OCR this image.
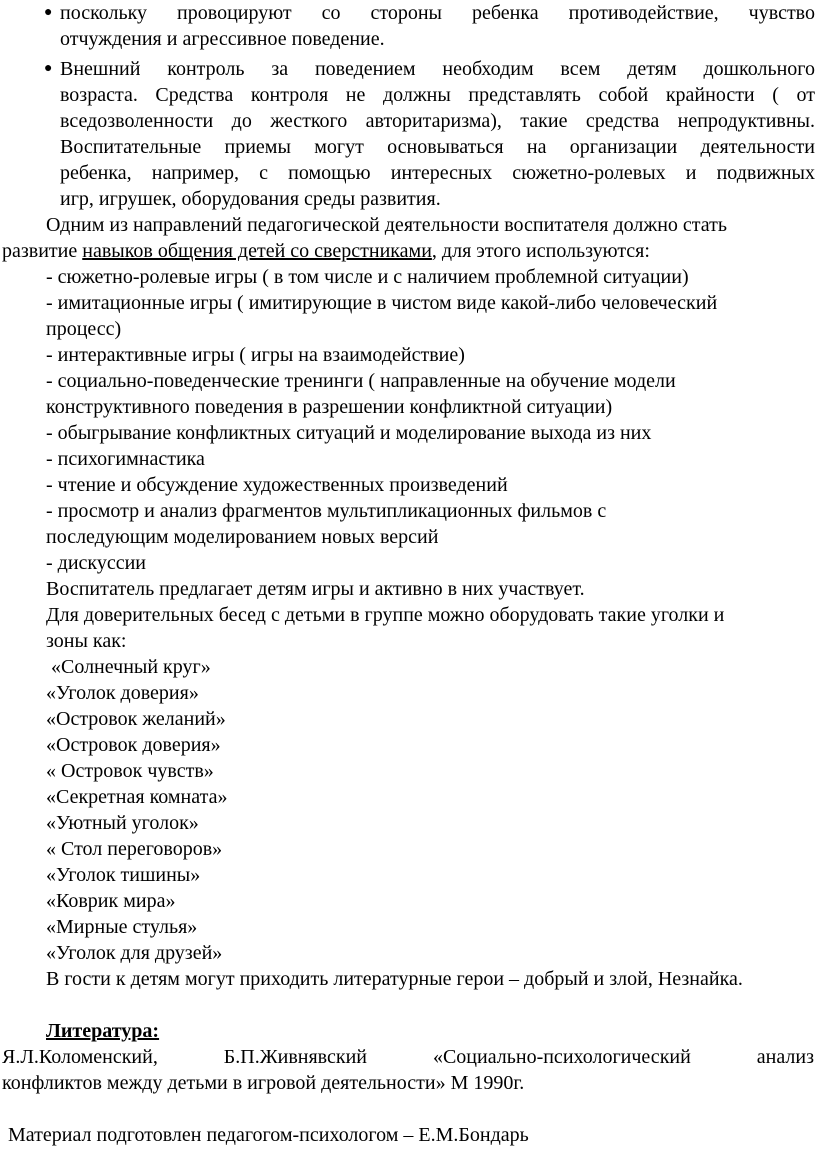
● поскольку провоцируют со стороны ребенка противодействие, чувство
отчуждения и агрессивное поведение.
● Внешний контроль за поведением необходим всем детям дошкольного
возраста. Средства контроля не должны представлять собой крайности ( от
вседозволенности до жесткого авторитаризма), такие средства непродуктивны.
Воспитательные приемы могут основываться на организации деятельности
ребенка, например, с помощью интересных сюжетно-ролевых и подвижных
игр, игрушек, оборудования среды развития.
Одним из направлений педагогической деятельности воспитателя должно стать
развитие навыков общения детей со сверстниками, для этого используются:
- сюжетно-ролевые игры ( в том числе и с наличием проблемной ситуации)
- имитационные игры ( имитирующие в чистом виде какой-либо человеческий
процесс)
- интерактивные игры ( игры на взаимодействие)
- социально-поведенческие тренинги ( направленные на обучение модели
конструктивного поведения в разрешении конфликтной ситуации)
- обыгрывание конфликтных ситуаций и моделирование выхода из них
- психогимнастика
- чтение и обсуждение художественных произведений
- просмотр и анализ фрагментов мультипликационных фильмов с
последующим моделированием новых версий
- дискуссии
Воспитатель предлагает детям игры и активно в них участвует.
Для доверительных бесед с детьми в группе можно оборудовать такие уголки и
зоны как:
«Солнечный круг»
«Уголок доверия»
«Островок желаний»
«Островок доверия»
« Островок чувств»
«Секретная комната»
«Уютный уголок»
« Стол переговоров»
«Уголок тишины»
«Коврик мира»
«Мирные стулья»
«Уголок для друзей»
В гости к детям могут приходить литературные герои – добрый и злой, Незнайка.
Литература:
Я.Л.Коломенский, Б.П.Живнявский «Социально-психологический анализ
конфликтов между детьми в игровой деятельности» М 1990г.
Материал подготовлен педагогом-психологом – Е.М.Бондарь
